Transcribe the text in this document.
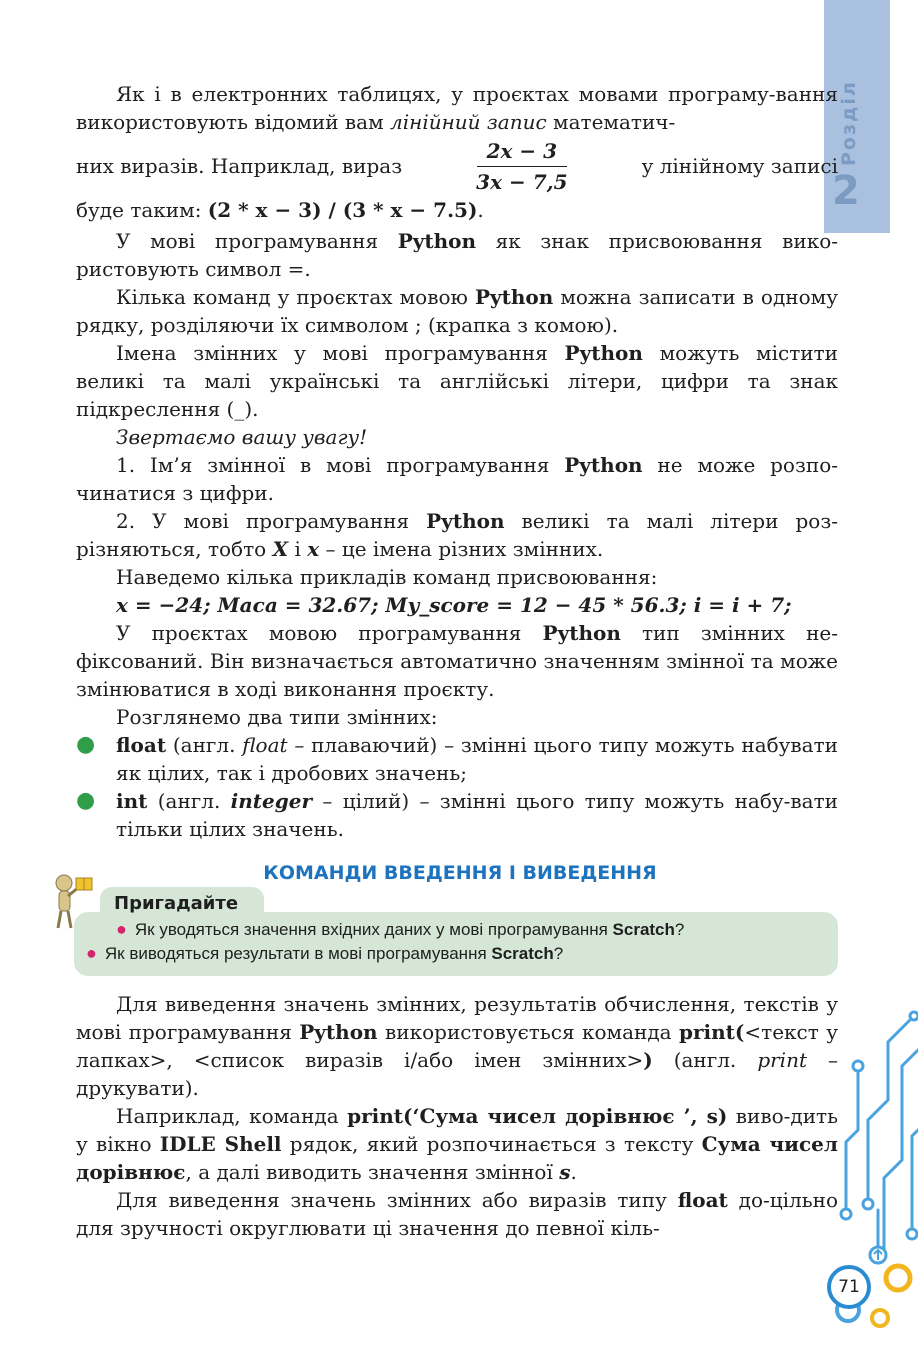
Розділ
2

Як і в електронних таблицях, у проєктах мовами програму-вання використовують відомий вам лінійний запис математич-

них виразів. Наприклад, вираз	$\frac{2x - 3}{3x - 7,5}$	у лінійному записі

буде таким: (2 * x − 3) / (3 * x − 7.5).

У мові програмування Python як знак присвоювання вико-ристовують символ =.

Кілька команд у проєктах мовою Python можна записати в одному рядку, розділяючи їх символом ; (крапка з комою).

Імена змінних у мові програмування Python можуть містити великі та малі українські та англійські літери, цифри та знак підкреслення (_).

Звертаємо вашу увагу!

1. Ім’я змінної в мові програмування Python не може розпо-чинатися з цифри.

2. У мові програмування Python великі та малі літери роз-різняються, тобто X і x – це імена різних змінних.

Наведемо кілька прикладів команд присвоювання:

x = −24; Маса = 32.67; My_score = 12 − 45 * 56.3; i = i + 7;

У проєктах мовою програмування Python тип змінних не-фіксований. Він визначається автоматично значенням змінної та може змінюватися в ході виконання проєкту.

Розглянемо два типи змінних:

● float (англ. float – плаваючий) – змінні цього типу можуть набувати як цілих, так і дробових значень;

● int (англ. integer – цілий) – змінні цього типу можуть набу-вати тільки цілих значень.

КОМАНДИ ВВЕДЕННЯ І ВИВЕДЕННЯ
Пригадайте
● Як уводяться значення вхідних даних у мові програмування Scratch?
● Як виводяться результати в мові програмування Scratch?

Для виведення значень змінних, результатів обчислення, текстів у мові програмування Python використовується команда print(<текст у лапках>, <список виразів і/або імен змінних>) (англ. print – друкувати).

Наприклад, команда print(‘Сума чисел дорівнює ’, s) виво-дить у вікно IDLE Shell рядок, який розпочинається з тексту Сума чисел дорівнює, а далі виводить значення змінної s.

Для виведення значень змінних або виразів типу float до-цільно для зручності округлювати ці значення до певної кіль-

71
